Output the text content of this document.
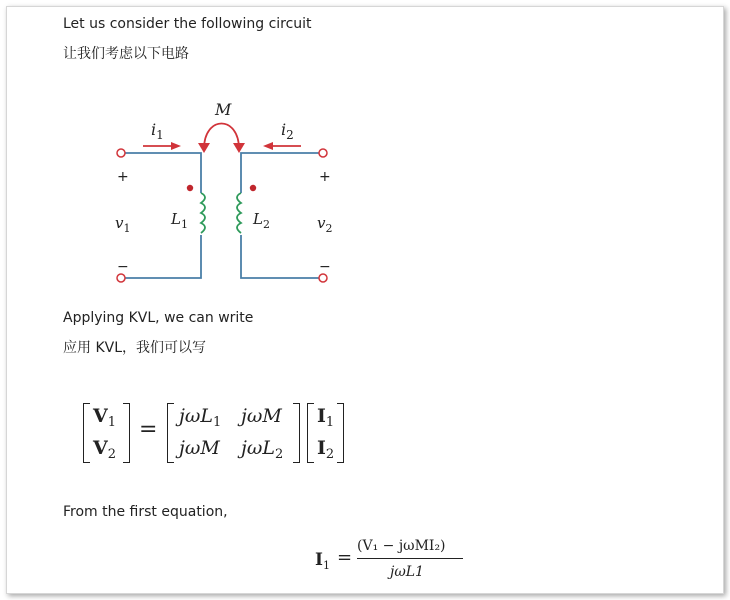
Let us consider the following circuit
让我们考虑以下电路
M
$i_1$	$i_2$
+	+
−	−
$v_1$	$v_2$
$L_1$	$L_2$
Applying KVL, we can write
应用 KVL，我们可以写
$V_1$
$V_2$
=
jωL$_1$ jωM
jωM jωL$_2$
$I_1$
$I_2$
From the first equation,
$I_1$ =
(V₁ − jωMI₂)
jωL1
